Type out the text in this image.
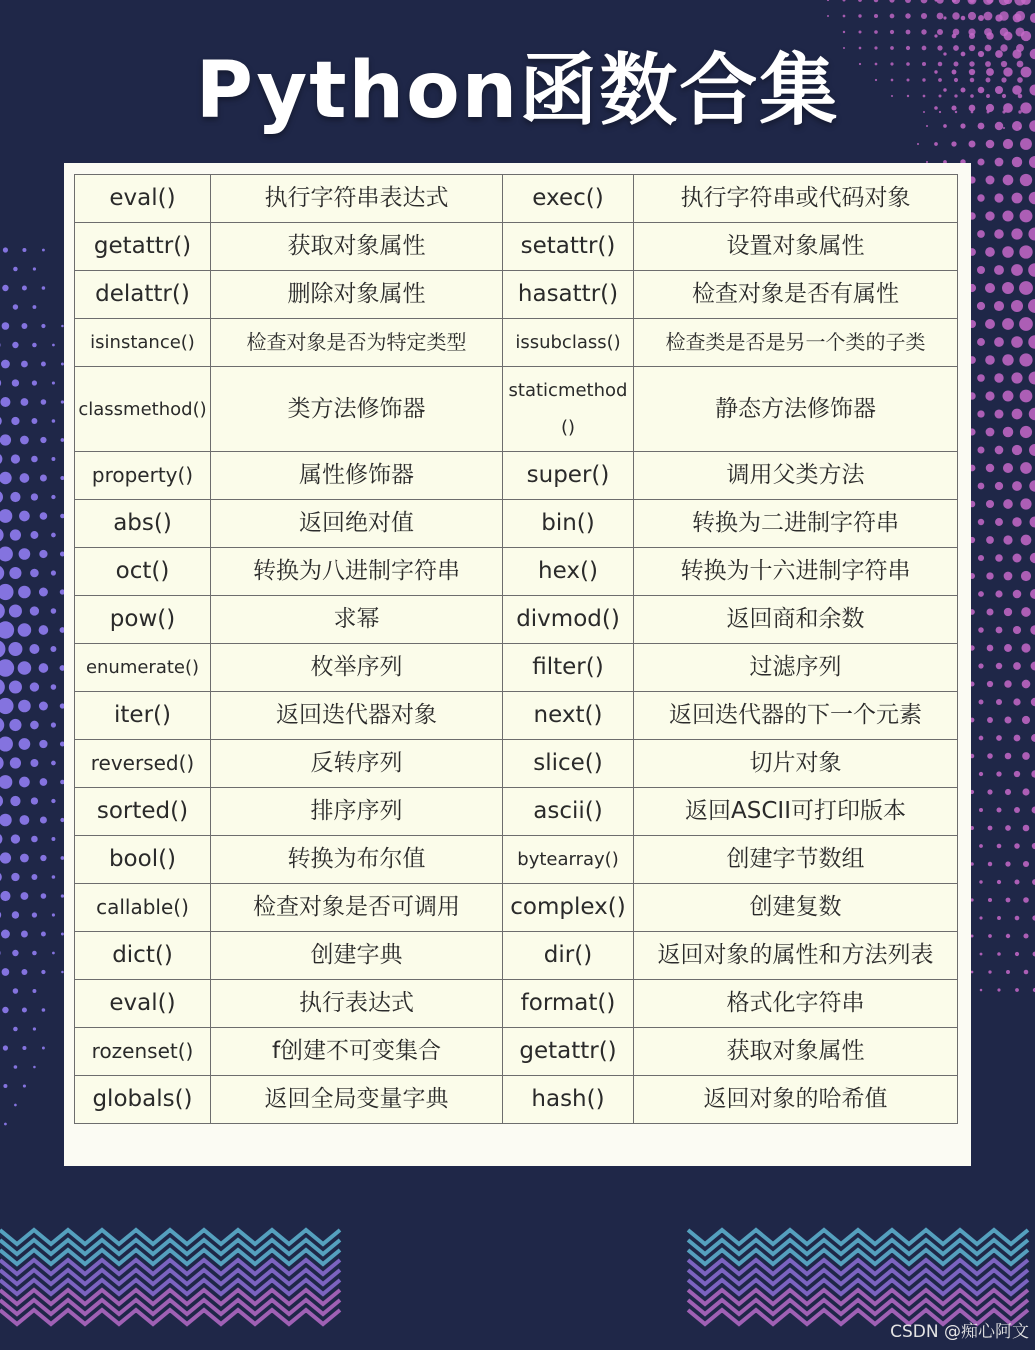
Python函数合集
eval()	执行字符串表达式	exec()	执行字符串或代码对象
getattr()	获取对象属性	setattr()	设置对象属性
delattr()	删除对象属性	hasattr()	检查对象是否有属性
isinstance()	检查对象是否为特定类型	issubclass()	检查类是否是另一个类的子类
classmethod()	类方法修饰器	staticmethod()	静态方法修饰器
property()	属性修饰器	super()	调用父类方法
abs()	返回绝对值	bin()	转换为二进制字符串
oct()	转换为八进制字符串	hex()	转换为十六进制字符串
pow()	求幂	divmod()	返回商和余数
enumerate()	枚举序列	filter()	过滤序列
iter()	返回迭代器对象	next()	返回迭代器的下一个元素
reversed()	反转序列	slice()	切片对象
sorted()	排序序列	ascii()	返回ASCII可打印版本
bool()	转换为布尔值	bytearray()	创建字节数组
callable()	检查对象是否可调用	complex()	创建复数
dict()	创建字典	dir()	返回对象的属性和方法列表
eval()	执行表达式	format()	格式化字符串
rozenset()	f创建不可变集合	getattr()	获取对象属性
globals()	返回全局变量字典	hash()	返回对象的哈希值
CSDN @痴心阿文
